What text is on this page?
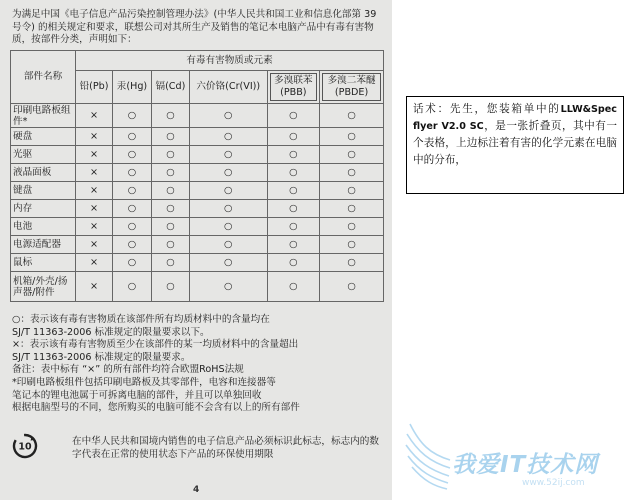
为满足中国《电子信息产品污染控制管理办法》(中华人民共和国工业和信息化部第 39 号令) 的相关规定和要求，联想公司对其所生产及销售的笔记本电脑产品中有毒有害物质，按部件分类，声明如下：
部件名称	有毒有害物质或元素					
	铅(Pb)	汞(Hg)	镉(Cd)	六价铬(Cr(VI))	多溴联苯
(PBB)	多溴二苯醚
(PBDE)

印刷电路板组件*	×	○	○	○	○	○
硬盘	×	○	○	○	○	○
光驱	×	○	○	○	○	○
液晶面板	×	○	○	○	○	○
键盘	×	○	○	○	○	○
内存	×	○	○	○	○	○
电池	×	○	○	○	○	○
电源适配器	×	○	○	○	○	○
鼠标	×	○	○	○	○	○
机箱/外壳/扬声器/附件	×	○	○	○	○	○
○：表示该有毒有害物质在该部件所有均质材料中的含量均在
SJ/T 11363-2006 标准规定的限量要求以下。
×：表示该有毒有害物质至少在该部件的某一均质材料中的含量超出
SJ/T 11363-2006 标准规定的限量要求。
备注：表中标有 “×” 的所有部件均符合欧盟RoHS法规
*印刷电路板组件包括印刷电路板及其零部件，电容和连接器等
笔记本的锂电池属于可拆离电脑的部件，并且可以单独回收
根据电脑型号的不同，您所购买的电脑可能不会含有以上的所有部件
10
在中华人民共和国境内销售的电子信息产品必须标识此标志，标志内的数字代表在正常的使用状态下产品的环保使用期限
4
话术：先生，您装箱单中的LLW&Spec flyer V2.0 SC，是一张折叠页，其中有一个表格，上边标注着有害的化学元素在电脑中的分布，
我爱IT技术网
www.52ij.com
